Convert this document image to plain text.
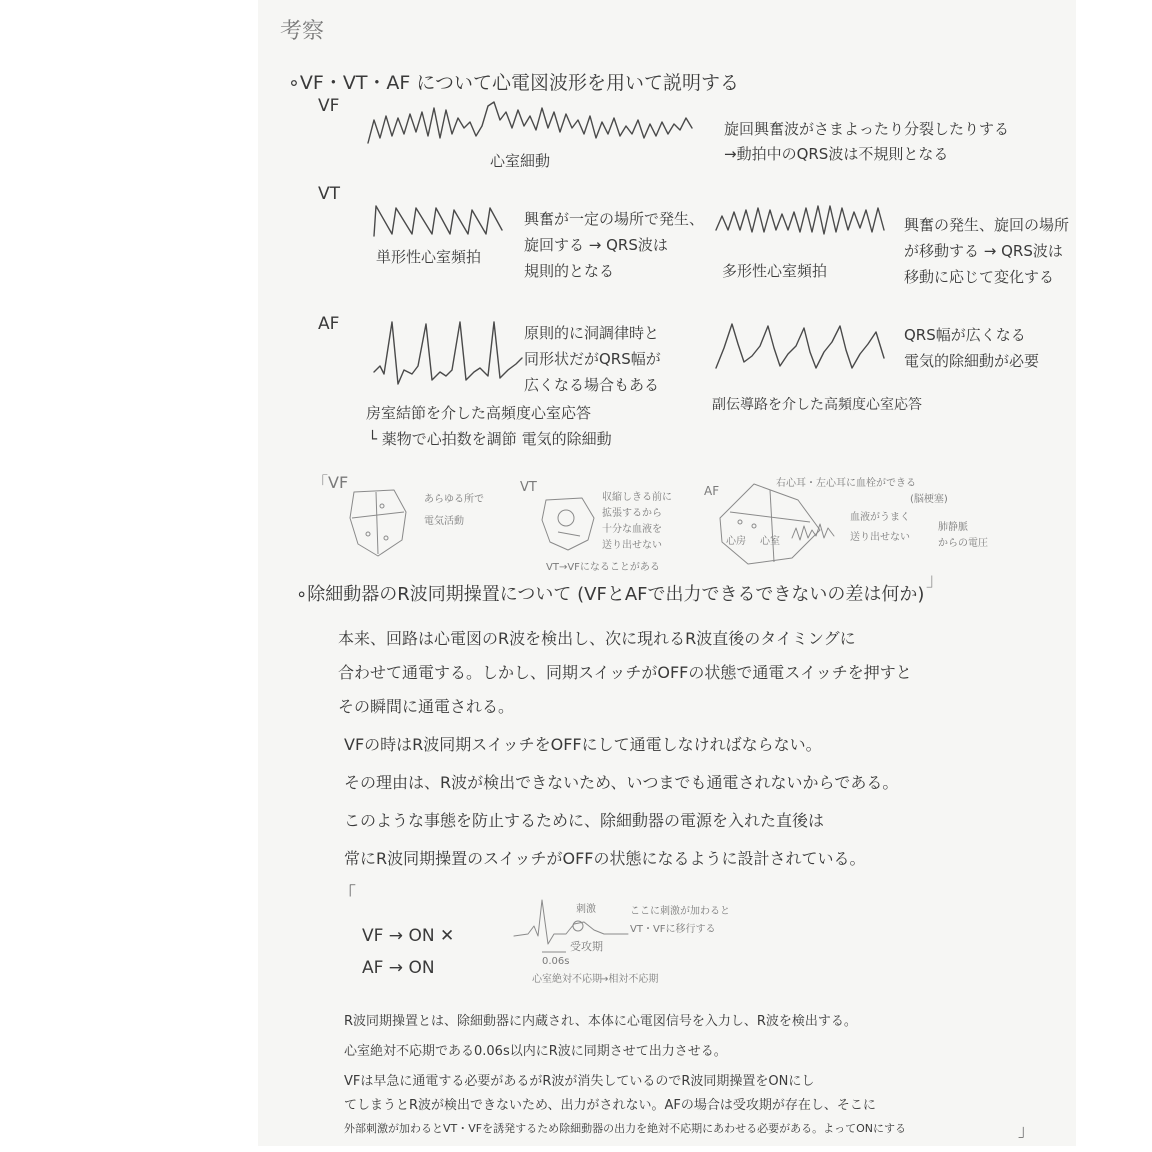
考察
∘VF・VT・AF について心電図波形を用いて説明する
VF
心室細動
旋回興奮波がさまよったり分裂したりする
→動拍中のQRS波は不規則となる
VT
単形性心室頻拍
興奮が一定の場所で発生、
旋回する → QRS波は
規則的となる	多形性心室頻拍
興奮の発生、旋回の場所
が移動する → QRS波は
移動に応じて変化する
AF	原則的に洞調律時と
同形状だがQRS幅が
広くなる場合もある
房室結節を介した高頻度心室応答
└ 薬物で心拍数を調節 電気的除細動
副伝導路を介した高頻度心室応答
QRS幅が広くなる
電気的除細動が必要
「VF
あらゆる所で
電気活動
VT
収縮しきる前に
拡張するから
十分な血液を
送り出せない
VT→VFになることがある
AF
右心耳・左心耳に血栓ができる
(脳梗塞)
血液がうまく
送り出せない
心房 心室
肺静脈
からの電圧
」
∘除細動器のR波同期操置について (VFとAFで出力できるできないの差は何か)
本来、回路は心電図のR波を検出し、次に現れるR波直後のタイミングに
合わせて通電する。しかし、同期スイッチがOFFの状態で通電スイッチを押すと
その瞬間に通電される。
VFの時はR波同期スイッチをOFFにして通電しなければならない。
その理由は、R波が検出できないため、いつまでも通電されないからである。
このような事態を防止するために、除細動器の電源を入れた直後は
常にR波同期操置のスイッチがOFFの状態になるように設計されている。
「
VF → ON ✕
AF → ON
刺激
受攻期
ここに刺激が加わると
VT・VFに移行する
0.06s
心室絶対不応期
→相対不応期
R波同期操置とは、除細動器に内蔵され、本体に心電図信号を入力し、R波を検出する。
心室絶対不応期である0.06s以内にR波に同期させて出力させる。
VFは早急に通電する必要があるがR波が消失しているのでR波同期操置をONにし
てしまうとR波が検出できないため、出力がされない。AFの場合は受攻期が存在し、そこに
外部刺激が加わるとVT・VFを誘発するため除細動器の出力を絶対不応期にあわせる必要がある。よってONにする	」
